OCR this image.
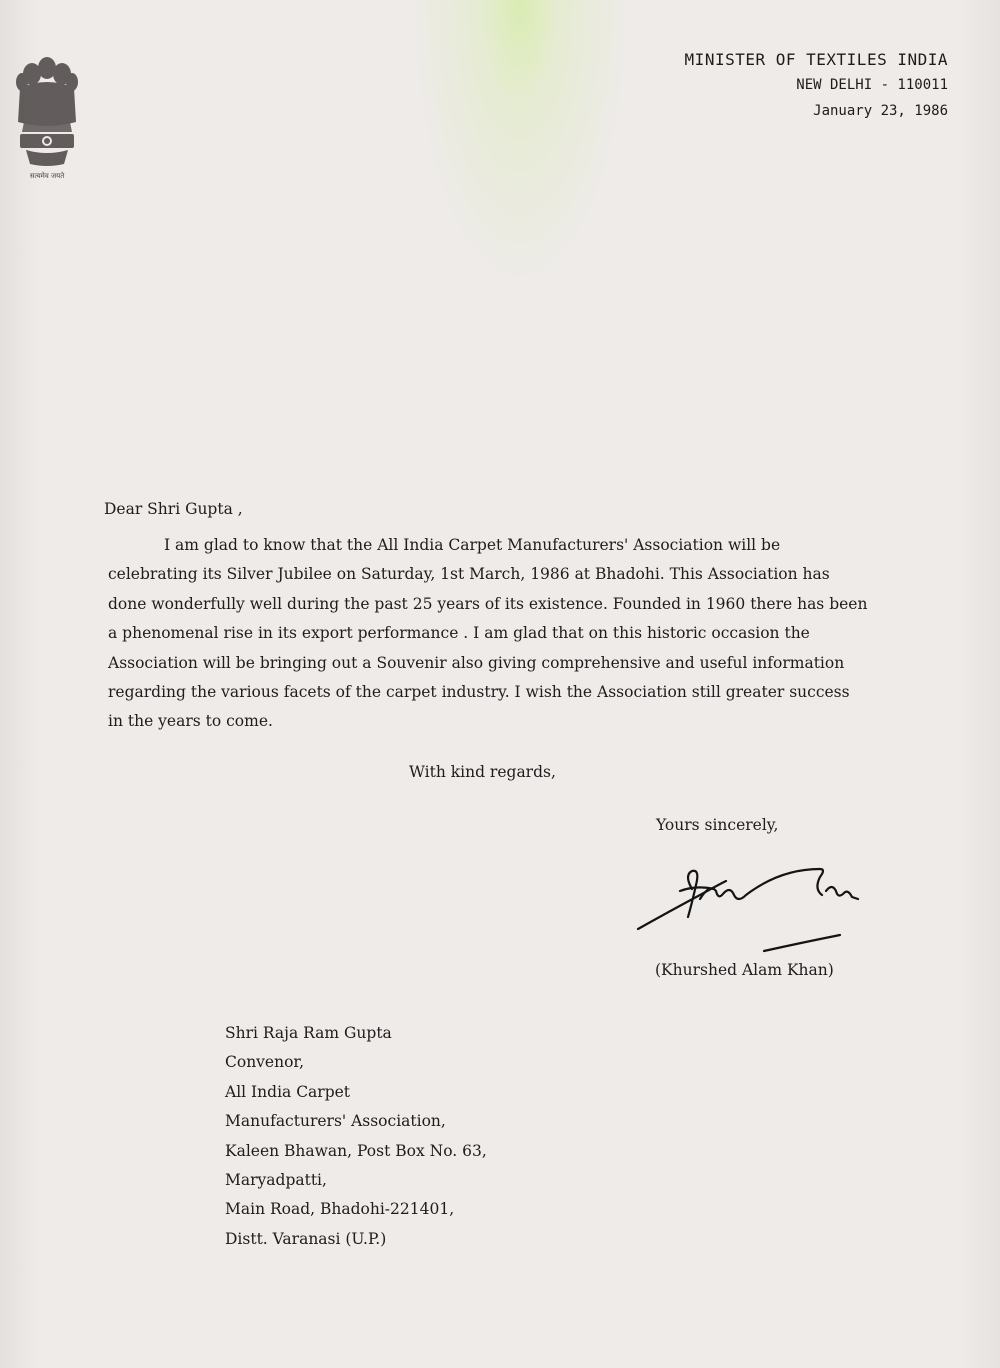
सत्यमेव जयते
MINISTER OF TEXTILES INDIA
NEW DELHI - 110011
January 23, 1986
Dear Shri Gupta ,
I am glad to know that the All India Carpet Manufacturers' Association will be celebrating its Silver Jubilee on Saturday, 1st March, 1986 at Bhadohi. This Association has done wonderfully well during the past 25 years of its existence. Founded in 1960 there has been a phenomenal rise in its export performance . I am glad that on this historic occasion the Association will be bringing out a Souvenir also giving comprehensive and useful information regarding the various facets of the carpet industry. I wish the Association still greater success in the years to come.
With kind regards,
Yours sincerely,
(Khurshed Alam Khan)
Shri Raja Ram Gupta
Convenor,
All India Carpet
Manufacturers' Association,
Kaleen Bhawan, Post Box No. 63,
Maryadpatti,
Main Road, Bhadohi-221401,
Distt. Varanasi (U.P.)
